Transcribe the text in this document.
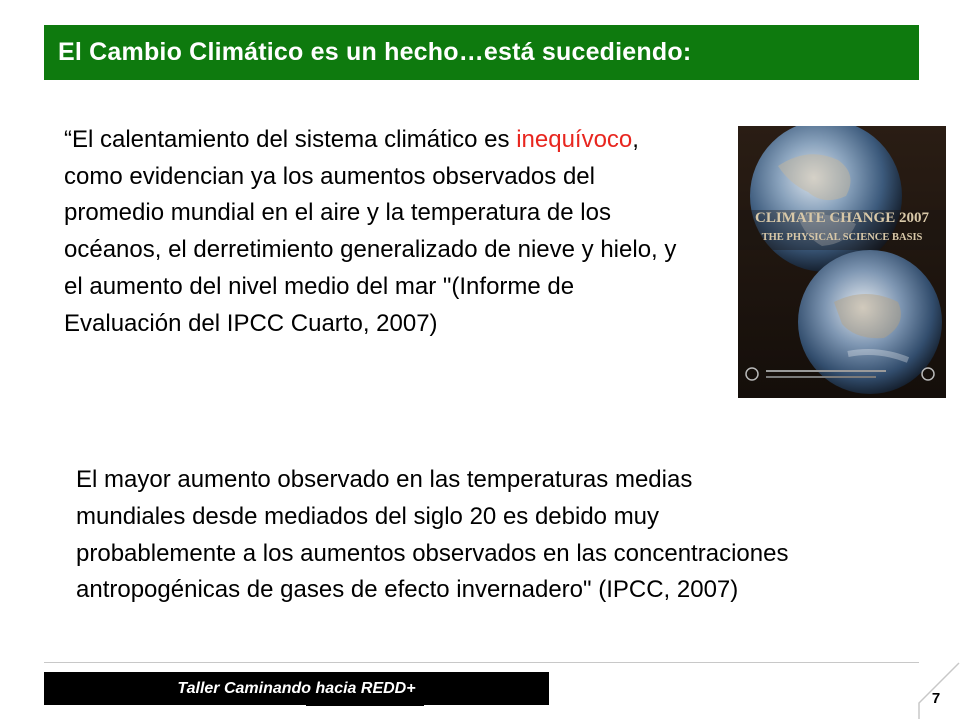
El Cambio Climático es un hecho…está sucediendo:

“El calentamiento del sistema climático es inequívoco, como evidencian ya los aumentos observados del promedio mundial en el aire y la temperatura de los océanos, el derretimiento generalizado de nieve y hielo, y el aumento del nivel medio del mar "(Informe de Evaluación del IPCC Cuarto, 2007)

CLIMATE CHANGE 2007
THE PHYSICAL SCIENCE BASIS

El mayor aumento observado en las temperaturas medias mundiales desde mediados del siglo 20 es debido muy probablemente a los aumentos observados en las concentraciones antropogénicas de gases de efecto invernadero" (IPCC, 2007)

Taller Caminando hacia REDD+
7
